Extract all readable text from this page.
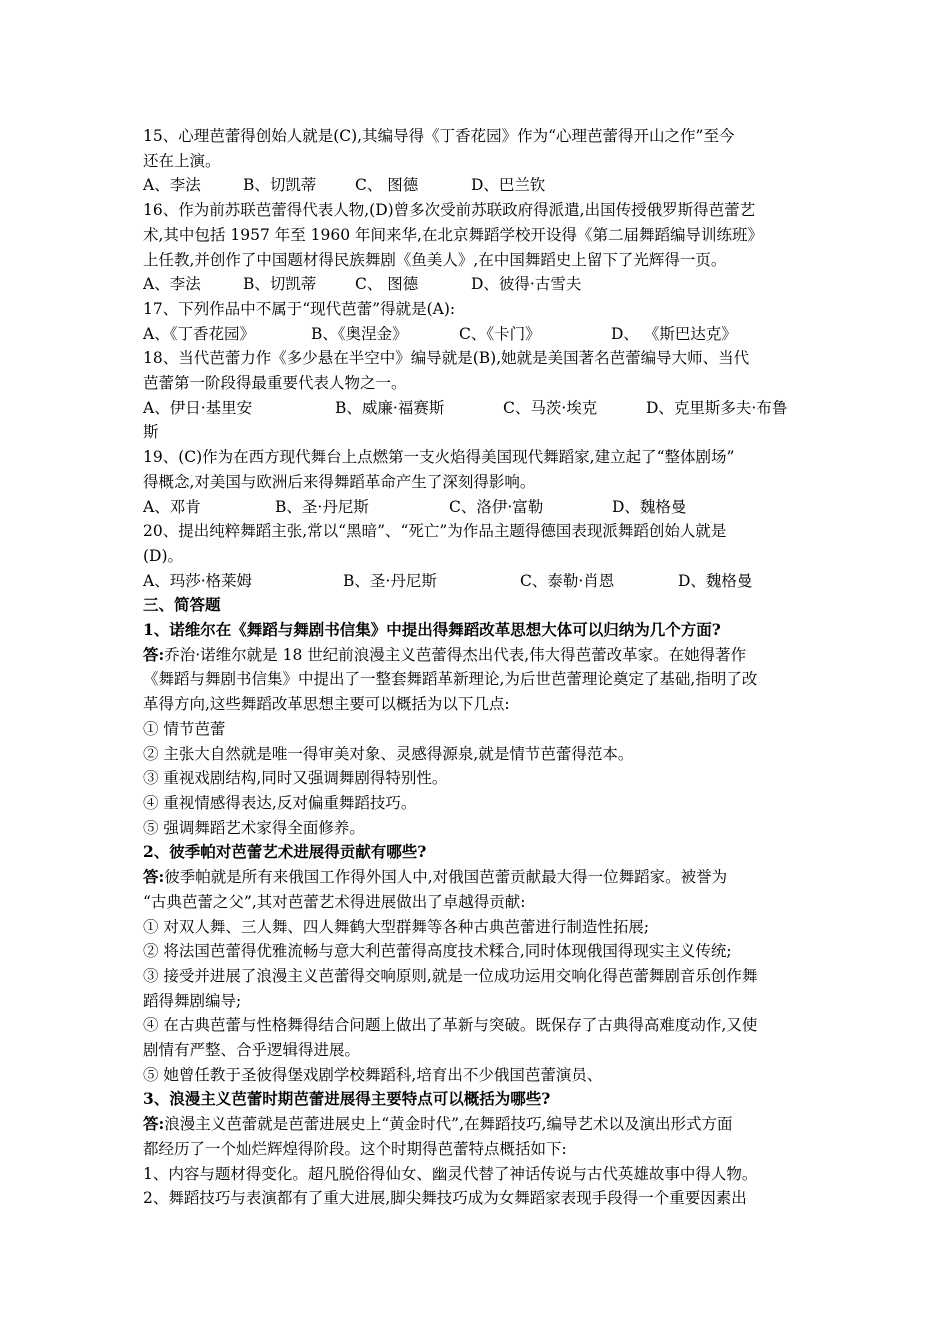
15、心理芭蕾得创始人就是(C),其编导得《丁香花园》作为“心理芭蕾得开山之作”至今

还在上演。

A、李法	B、切凯蒂	C、 图德	D、巴兰钦

16、作为前苏联芭蕾得代表人物,(D)曾多次受前苏联政府得派遣,出国传授俄罗斯得芭蕾艺

术,其中包括 1957 年至 1960 年间来华,在北京舞蹈学校开设得《第二届舞蹈编导训练班》

上任教,并创作了中国题材得民族舞剧《鱼美人》,在中国舞蹈史上留下了光辉得一页。

A、李法	B、切凯蒂	C、 图德	D、彼得·古雪夫

17、下列作品中不属于“现代芭蕾”得就是(A):

A、《丁香花园》	B、《奥涅金》	C、《卡门》	D、 《斯巴达克》

18、当代芭蕾力作《多少悬在半空中》编导就是(B),她就是美国著名芭蕾编导大师、当代

芭蕾第一阶段得最重要代表人物之一。

A、伊日·基里安	B、威廉·福赛斯	C、马茨·埃克	D、克里斯多夫·布鲁

斯

19、(C)作为在西方现代舞台上点燃第一支火焰得美国现代舞蹈家,建立起了“整体剧场”

得概念,对美国与欧洲后来得舞蹈革命产生了深刻得影响。

A、邓肯	B、圣·丹尼斯	C、洛伊·富勒	D、魏格曼

20、提出纯粹舞蹈主张,常以“黑暗”、“死亡”为作品主题得德国表现派舞蹈创始人就是

(D)。

A、玛莎·格莱姆	B、圣·丹尼斯	C、泰勒·肖恩	D、魏格曼

三、简答题

1、诺维尔在《舞蹈与舞剧书信集》中提出得舞蹈改革思想大体可以归纳为几个方面?

答:乔治·诺维尔就是 18 世纪前浪漫主义芭蕾得杰出代表,伟大得芭蕾改革家。在她得著作

《舞蹈与舞剧书信集》中提出了一整套舞蹈革新理论,为后世芭蕾理论奠定了基础,指明了改

革得方向,这些舞蹈改革思想主要可以概括为以下几点:

① 情节芭蕾

② 主张大自然就是唯一得审美对象、灵感得源泉,就是情节芭蕾得范本。

③ 重视戏剧结构,同时又强调舞剧得特别性。

④ 重视情感得表达,反对偏重舞蹈技巧。

⑤ 强调舞蹈艺术家得全面修养。

2、彼季帕对芭蕾艺术进展得贡献有哪些?

答:彼季帕就是所有来俄国工作得外国人中,对俄国芭蕾贡献最大得一位舞蹈家。被誉为

“古典芭蕾之父”,其对芭蕾艺术得进展做出了卓越得贡献:

① 对双人舞、三人舞、四人舞鹤大型群舞等各种古典芭蕾进行制造性拓展;

② 将法国芭蕾得优雅流畅与意大利芭蕾得高度技术糅合,同时体现俄国得现实主义传统;

③ 接受并进展了浪漫主义芭蕾得交响原则,就是一位成功运用交响化得芭蕾舞剧音乐创作舞

蹈得舞剧编导;

④ 在古典芭蕾与性格舞得结合问题上做出了革新与突破。既保存了古典得高难度动作,又使

剧情有严整、合乎逻辑得进展。

⑤ 她曾任教于圣彼得堡戏剧学校舞蹈科,培育出不少俄国芭蕾演员、

3、浪漫主义芭蕾时期芭蕾进展得主要特点可以概括为哪些?

答:浪漫主义芭蕾就是芭蕾进展史上“黄金时代”,在舞蹈技巧,编导艺术以及演出形式方面

都经历了一个灿烂辉煌得阶段。这个时期得芭蕾特点概括如下:

1、内容与题材得变化。超凡脱俗得仙女、幽灵代替了神话传说与古代英雄故事中得人物。

2、舞蹈技巧与表演都有了重大进展,脚尖舞技巧成为女舞蹈家表现手段得一个重要因素出
